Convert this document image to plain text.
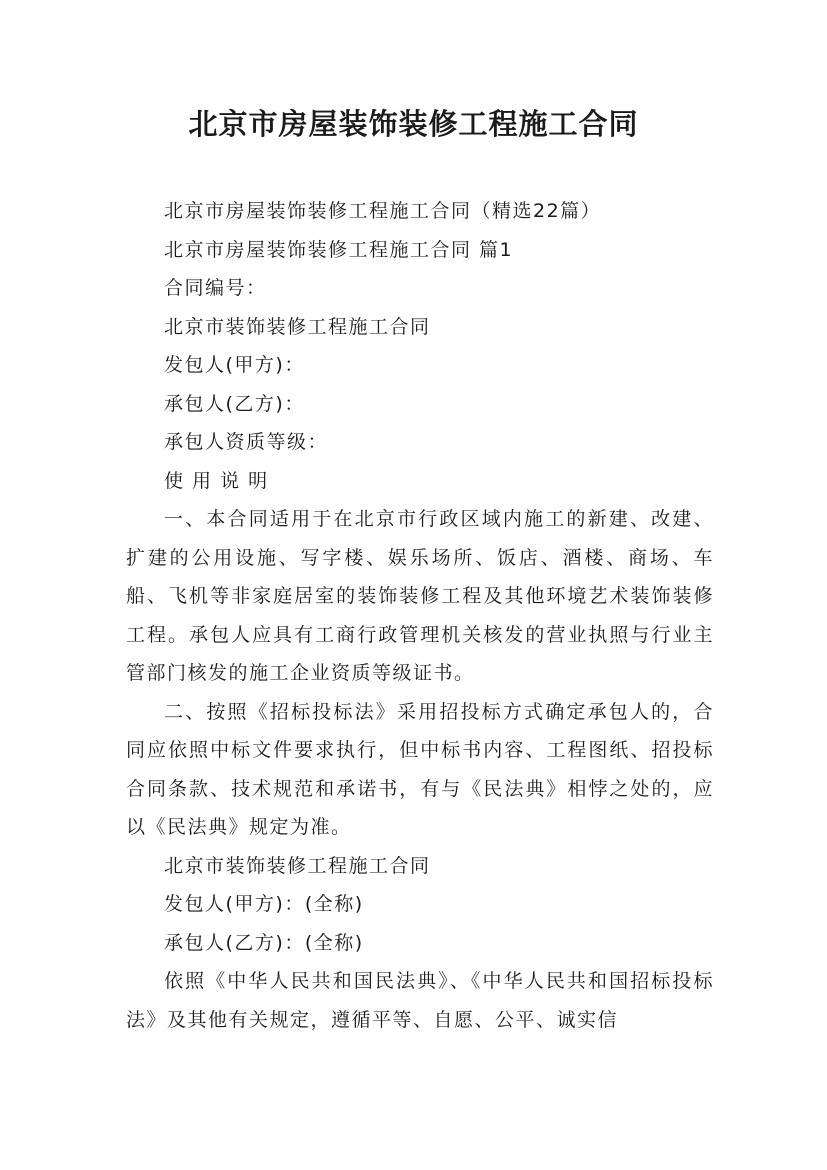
北京市房屋装饰装修工程施工合同

北京市房屋装饰装修工程施工合同（精选22篇）

北京市房屋装饰装修工程施工合同 篇1

合同编号：

北京市装饰装修工程施工合同

发包人(甲方)：

承包人(乙方)：

承包人资质等级：

使 用 说 明

一、本合同适用于在北京市行政区域内施工的新建、改建、扩建的公用设施、写字楼、娱乐场所、饭店、酒楼、商场、车船、飞机等非家庭居室的装饰装修工程及其他环境艺术装饰装修工程。承包人应具有工商行政管理机关核发的营业执照与行业主管部门核发的施工企业资质等级证书。

二、按照《招标投标法》采用招投标方式确定承包人的，合同应依照中标文件要求执行，但中标书内容、工程图纸、招投标合同条款、技术规范和承诺书，有与《民法典》相悖之处的，应以《民法典》规定为准。

北京市装饰装修工程施工合同

发包人(甲方)：(全称)

承包人(乙方)：(全称)

依照《中华人民共和国民法典》、《中华人民共和国招标投标法》及其他有关规定，遵循平等、自愿、公平、诚实信
